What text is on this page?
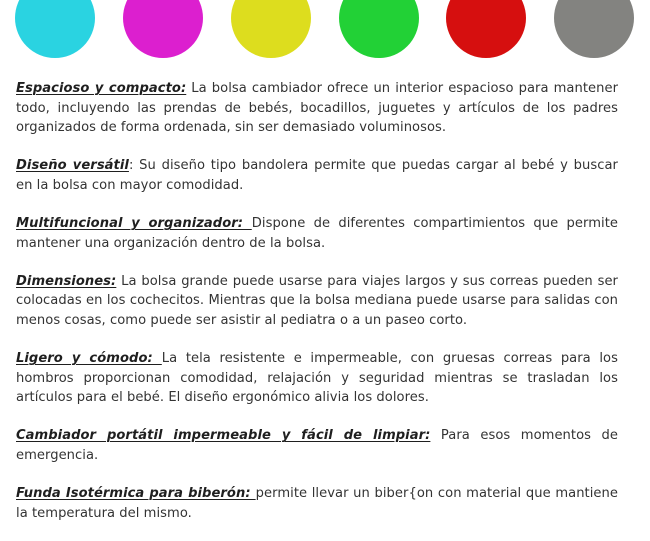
Espacioso y compacto: La bolsa cambiador ofrece un interior espacioso para mantener todo, incluyendo las prendas de bebés, bocadillos, juguetes y artículos de los padres organizados de forma ordenada, sin ser demasiado voluminosos.

Diseño versátil: Su diseño tipo bandolera permite que puedas cargar al bebé y buscar en la bolsa con mayor comodidad.

Multifuncional y organizador: Dispone de diferentes compartimientos que permite mantener una organización dentro de la bolsa.

Dimensiones: La bolsa grande puede usarse para viajes largos y sus correas pueden ser colocadas en los cochecitos. Mientras que la bolsa mediana puede usarse para salidas con menos cosas, como puede ser asistir al pediatra o a un paseo corto.

Ligero y cómodo: La tela resistente e impermeable, con gruesas correas para los hombros proporcionan comodidad, relajación y seguridad mientras se trasladan los artículos para el bebé. El diseño ergonómico alivia los dolores.

Cambiador portátil impermeable y fácil de limpiar: Para esos momentos de emergencia.

Funda Isotérmica para biberón: permite llevar un biber{on con material que mantiene la temperatura del mismo.
